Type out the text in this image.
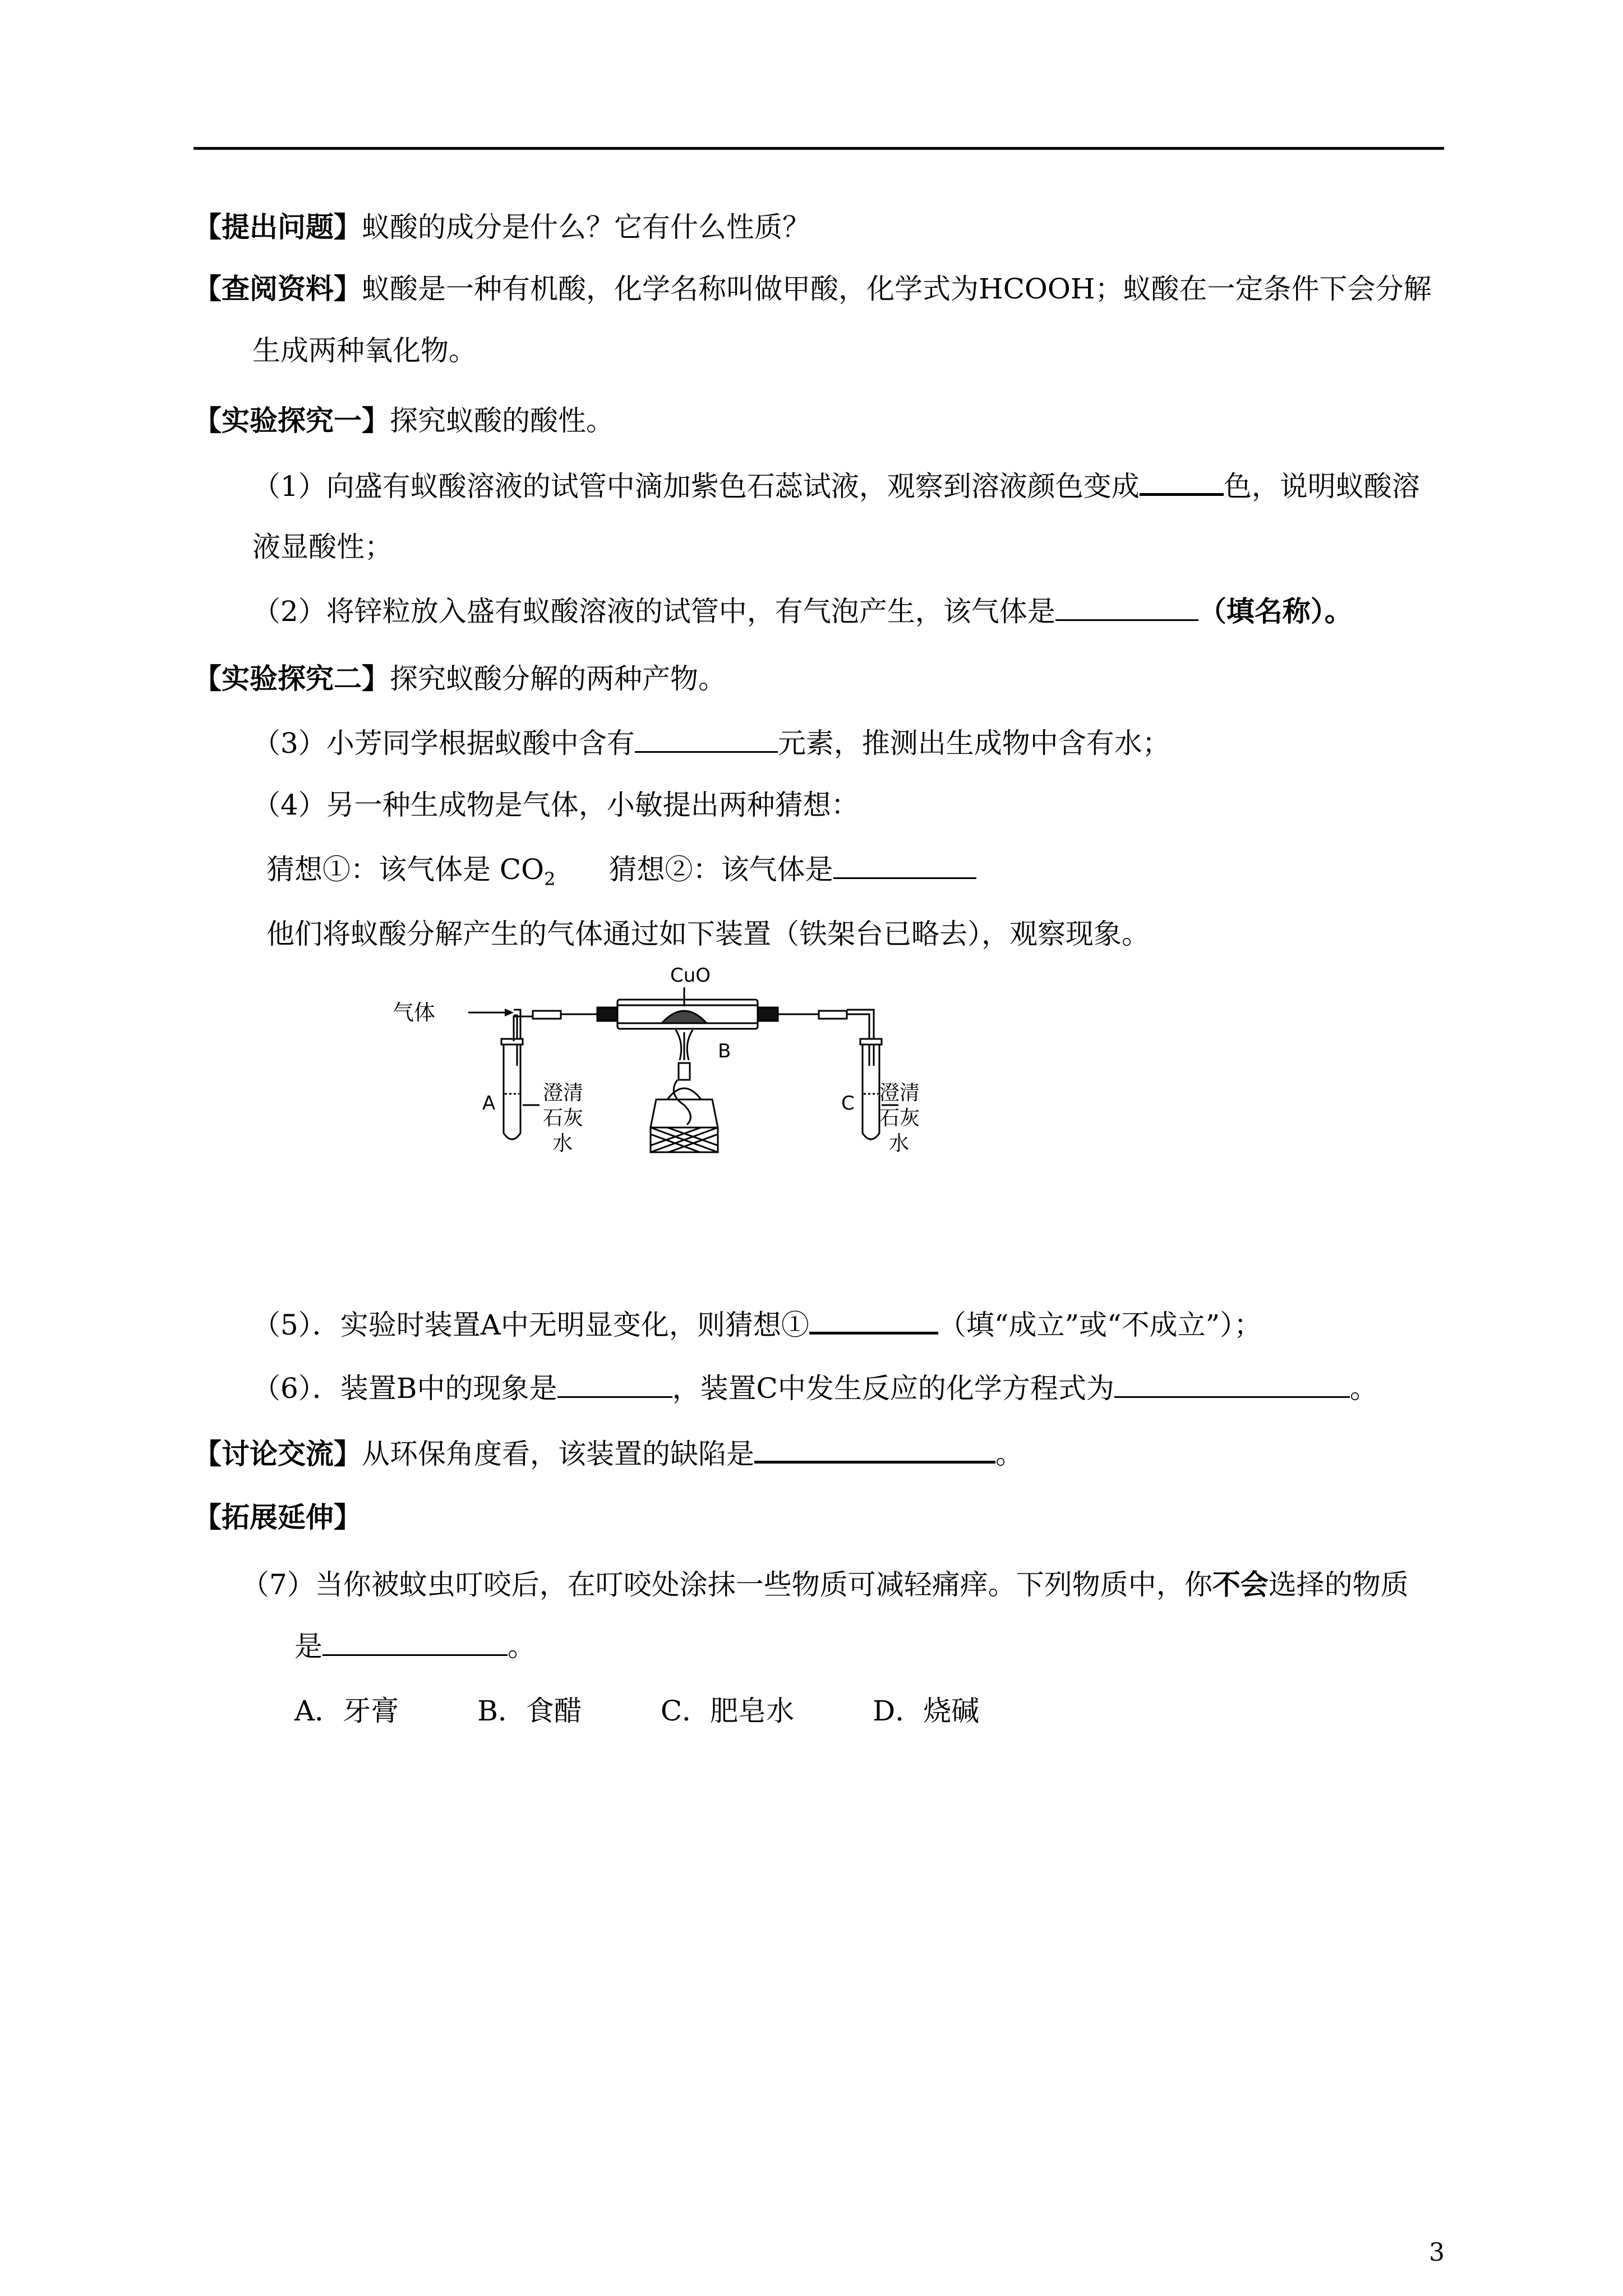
【提出问题】蚁酸的成分是什么？它有什么性质？
【查阅资料】蚁酸是一种有机酸，化学名称叫做甲酸，化学式为HCOOH；蚁酸在一定条件下会分解
生成两种氧化物。
【实验探究一】探究蚁酸的酸性。
（1）向盛有蚁酸溶液的试管中滴加紫色石蕊试液，观察到溶液颜色变成	色，说明蚁酸溶
液显酸性；
（2）将锌粒放入盛有蚁酸溶液的试管中，有气泡产生，该气体是	（填名称）。
【实验探究二】探究蚁酸分解的两种产物。
（3）小芳同学根据蚁酸中含有	元素，推测出生成物中含有水；
（4）另一种生成物是气体，小敏提出两种猜想：
猜想①：该气体是 $CO_2$ 猜想②：该气体是
他们将蚁酸分解产生的气体通过如下装置（铁架台已略去），观察现象。
气体
CuO
B
A	C
澄清
石灰
水
澄清
石灰
水
（5）．实验时装置A中无明显变化，则猜想①	（填“成立”或“不成立”）；
（6）．装置B中的现象是	，装置C中发生反应的化学方程式为	。
【讨论交流】从环保角度看，该装置的缺陷是	。
【拓展延伸】
（7）当你被蚊虫叮咬后，在叮咬处涂抹一些物质可减轻痛痒。下列物质中，你不会选择的物质
是	。
A．牙膏	B．食醋	C．肥皂水	D．烧碱
3
